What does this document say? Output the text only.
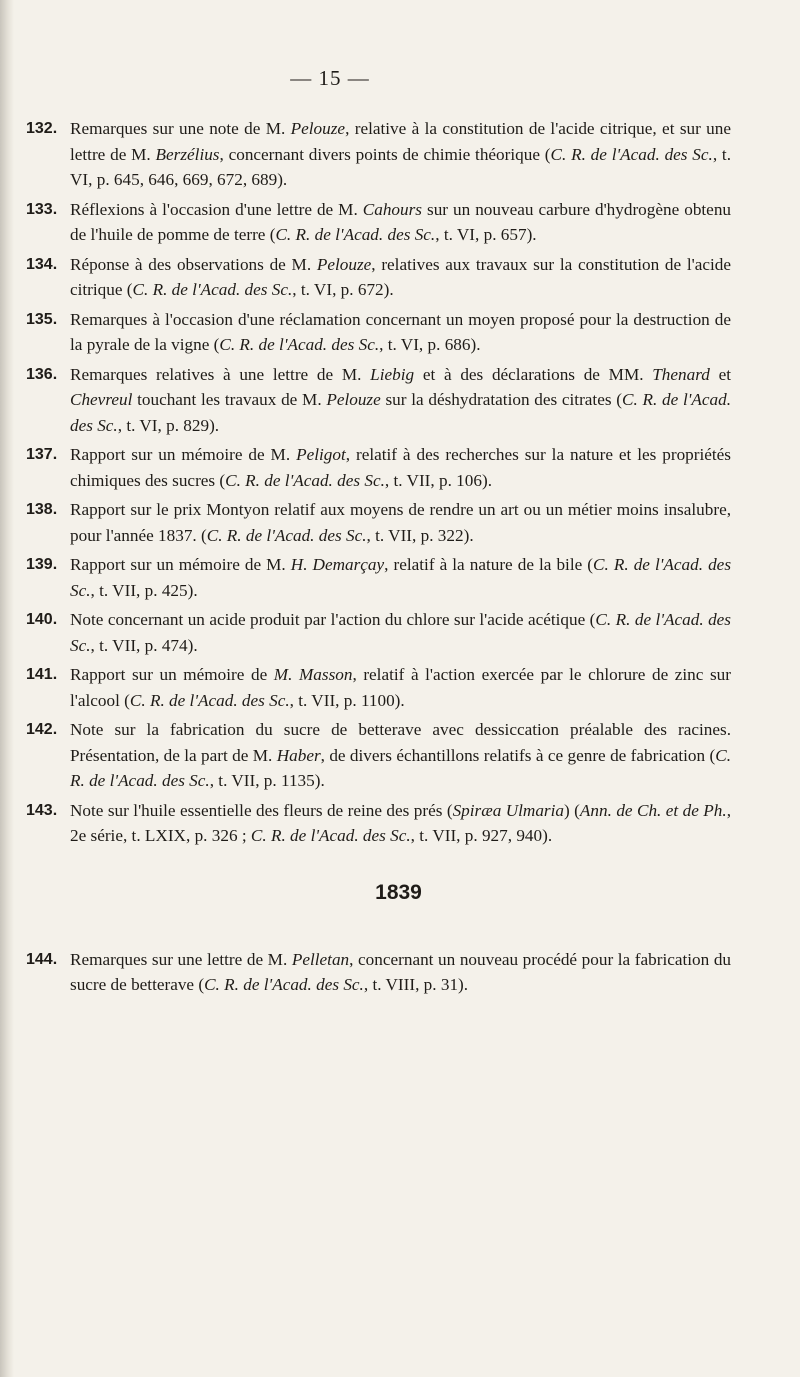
— 15 —
132. Remarques sur une note de M. Pelouze, relative à la constitution de l'acide citrique, et sur une lettre de M. Berzélius, concernant divers points de chimie théorique (C. R. de l'Acad. des Sc., t. VI, p. 645, 646, 669, 672, 689).
133. Réflexions à l'occasion d'une lettre de M. Cahours sur un nouveau carbure d'hydrogène obtenu de l'huile de pomme de terre (C. R. de l'Acad. des Sc., t. VI, p. 657).
134. Réponse à des observations de M. Pelouze, relatives aux travaux sur la constitution de l'acide citrique (C. R. de l'Acad. des Sc., t. VI, p. 672).
135. Remarques à l'occasion d'une réclamation concernant un moyen proposé pour la destruction de la pyrale de la vigne (C. R. de l'Acad. des Sc., t. VI, p. 686).
136. Remarques relatives à une lettre de M. Liebig et à des déclarations de MM. Thenard et Chevreul touchant les travaux de M. Pelouze sur la déshydratation des citrates (C. R. de l'Acad. des Sc., t. VI, p. 829).
137. Rapport sur un mémoire de M. Peligot, relatif à des recherches sur la nature et les propriétés chimiques des sucres (C. R. de l'Acad. des Sc., t. VII, p. 106).
138. Rapport sur le prix Montyon relatif aux moyens de rendre un art ou un métier moins insalubre, pour l'année 1837. (C. R. de l'Acad. des Sc., t. VII, p. 322).
139. Rapport sur un mémoire de M. H. Demarçay, relatif à la nature de la bile (C. R. de l'Acad. des Sc., t. VII, p. 425).
140. Note concernant un acide produit par l'action du chlore sur l'acide acétique (C. R. de l'Acad. des Sc., t. VII, p. 474).
141. Rapport sur un mémoire de M. Masson, relatif à l'action exercée par le chlorure de zinc sur l'alcool (C. R. de l'Acad. des Sc., t. VII, p. 1100).
142. Note sur la fabrication du sucre de betterave avec dessiccation préalable des racines. Présentation, de la part de M. Haber, de divers échantillons relatifs à ce genre de fabrication (C. R. de l'Acad. des Sc., t. VII, p. 1135).
143. Note sur l'huile essentielle des fleurs de reine des prés (Spiræa Ulmaria) (Ann. de Ch. et de Ph., 2e série, t. LXIX, p. 326 ; C. R. de l'Acad. des Sc., t. VII, p. 927, 940).
1839
144. Remarques sur une lettre de M. Pelletan, concernant un nouveau procédé pour la fabrication du sucre de betterave (C. R. de l'Acad. des Sc., t. VIII, p. 31).
